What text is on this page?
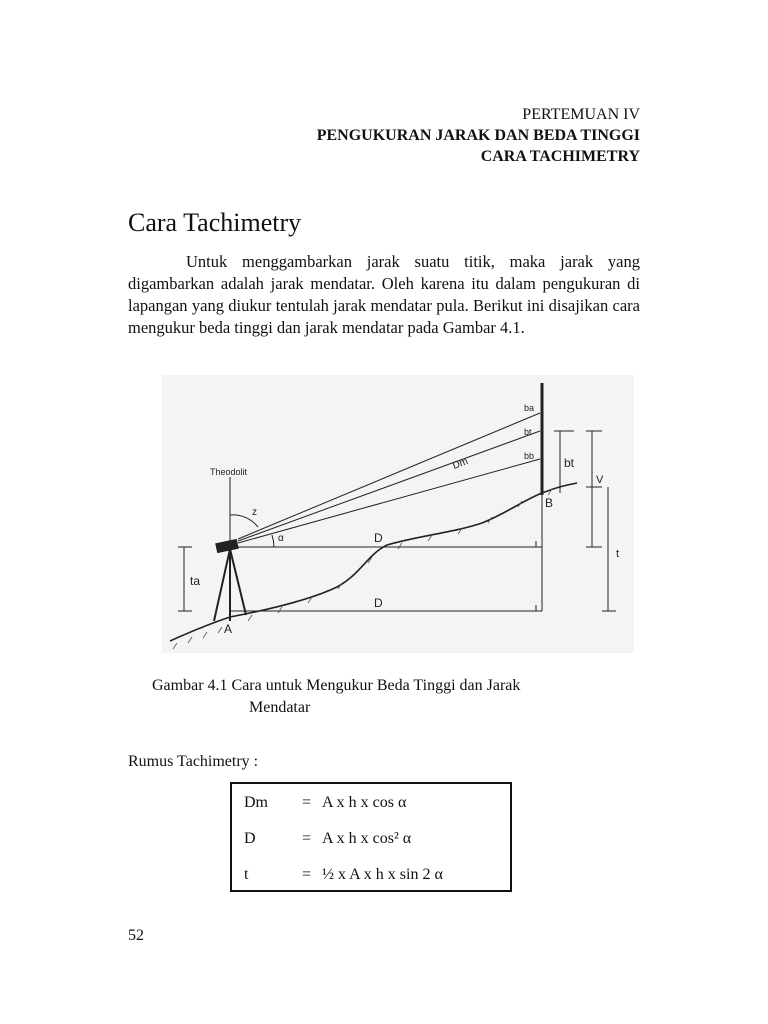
PERTEMUAN IV
PENGUKURAN JARAK DAN BEDA TINGGI
CARA TACHIMETRY
Cara Tachimetry

Untuk menggambarkan jarak suatu titik, maka jarak yang digambarkan adalah jarak mendatar. Oleh karena itu dalam pengukuran di lapangan yang diukur tentulah jarak mendatar pula. Berikut ini disajikan cara mengukur beda tinggi dan jarak mendatar pada Gambar 4.1.

z
α
Dm
ba
bt
bb
D
D
ta
A
B
Theodolit
bt
V
t
Gambar 4.1 Cara untuk Mengukur Beda Tinggi dan Jarak
Mendatar
Rumus Tachimetry :
Dm	= A x h x cos α
D	= A x h x cos² α
t	= ½ x A x h x sin 2 α
52
